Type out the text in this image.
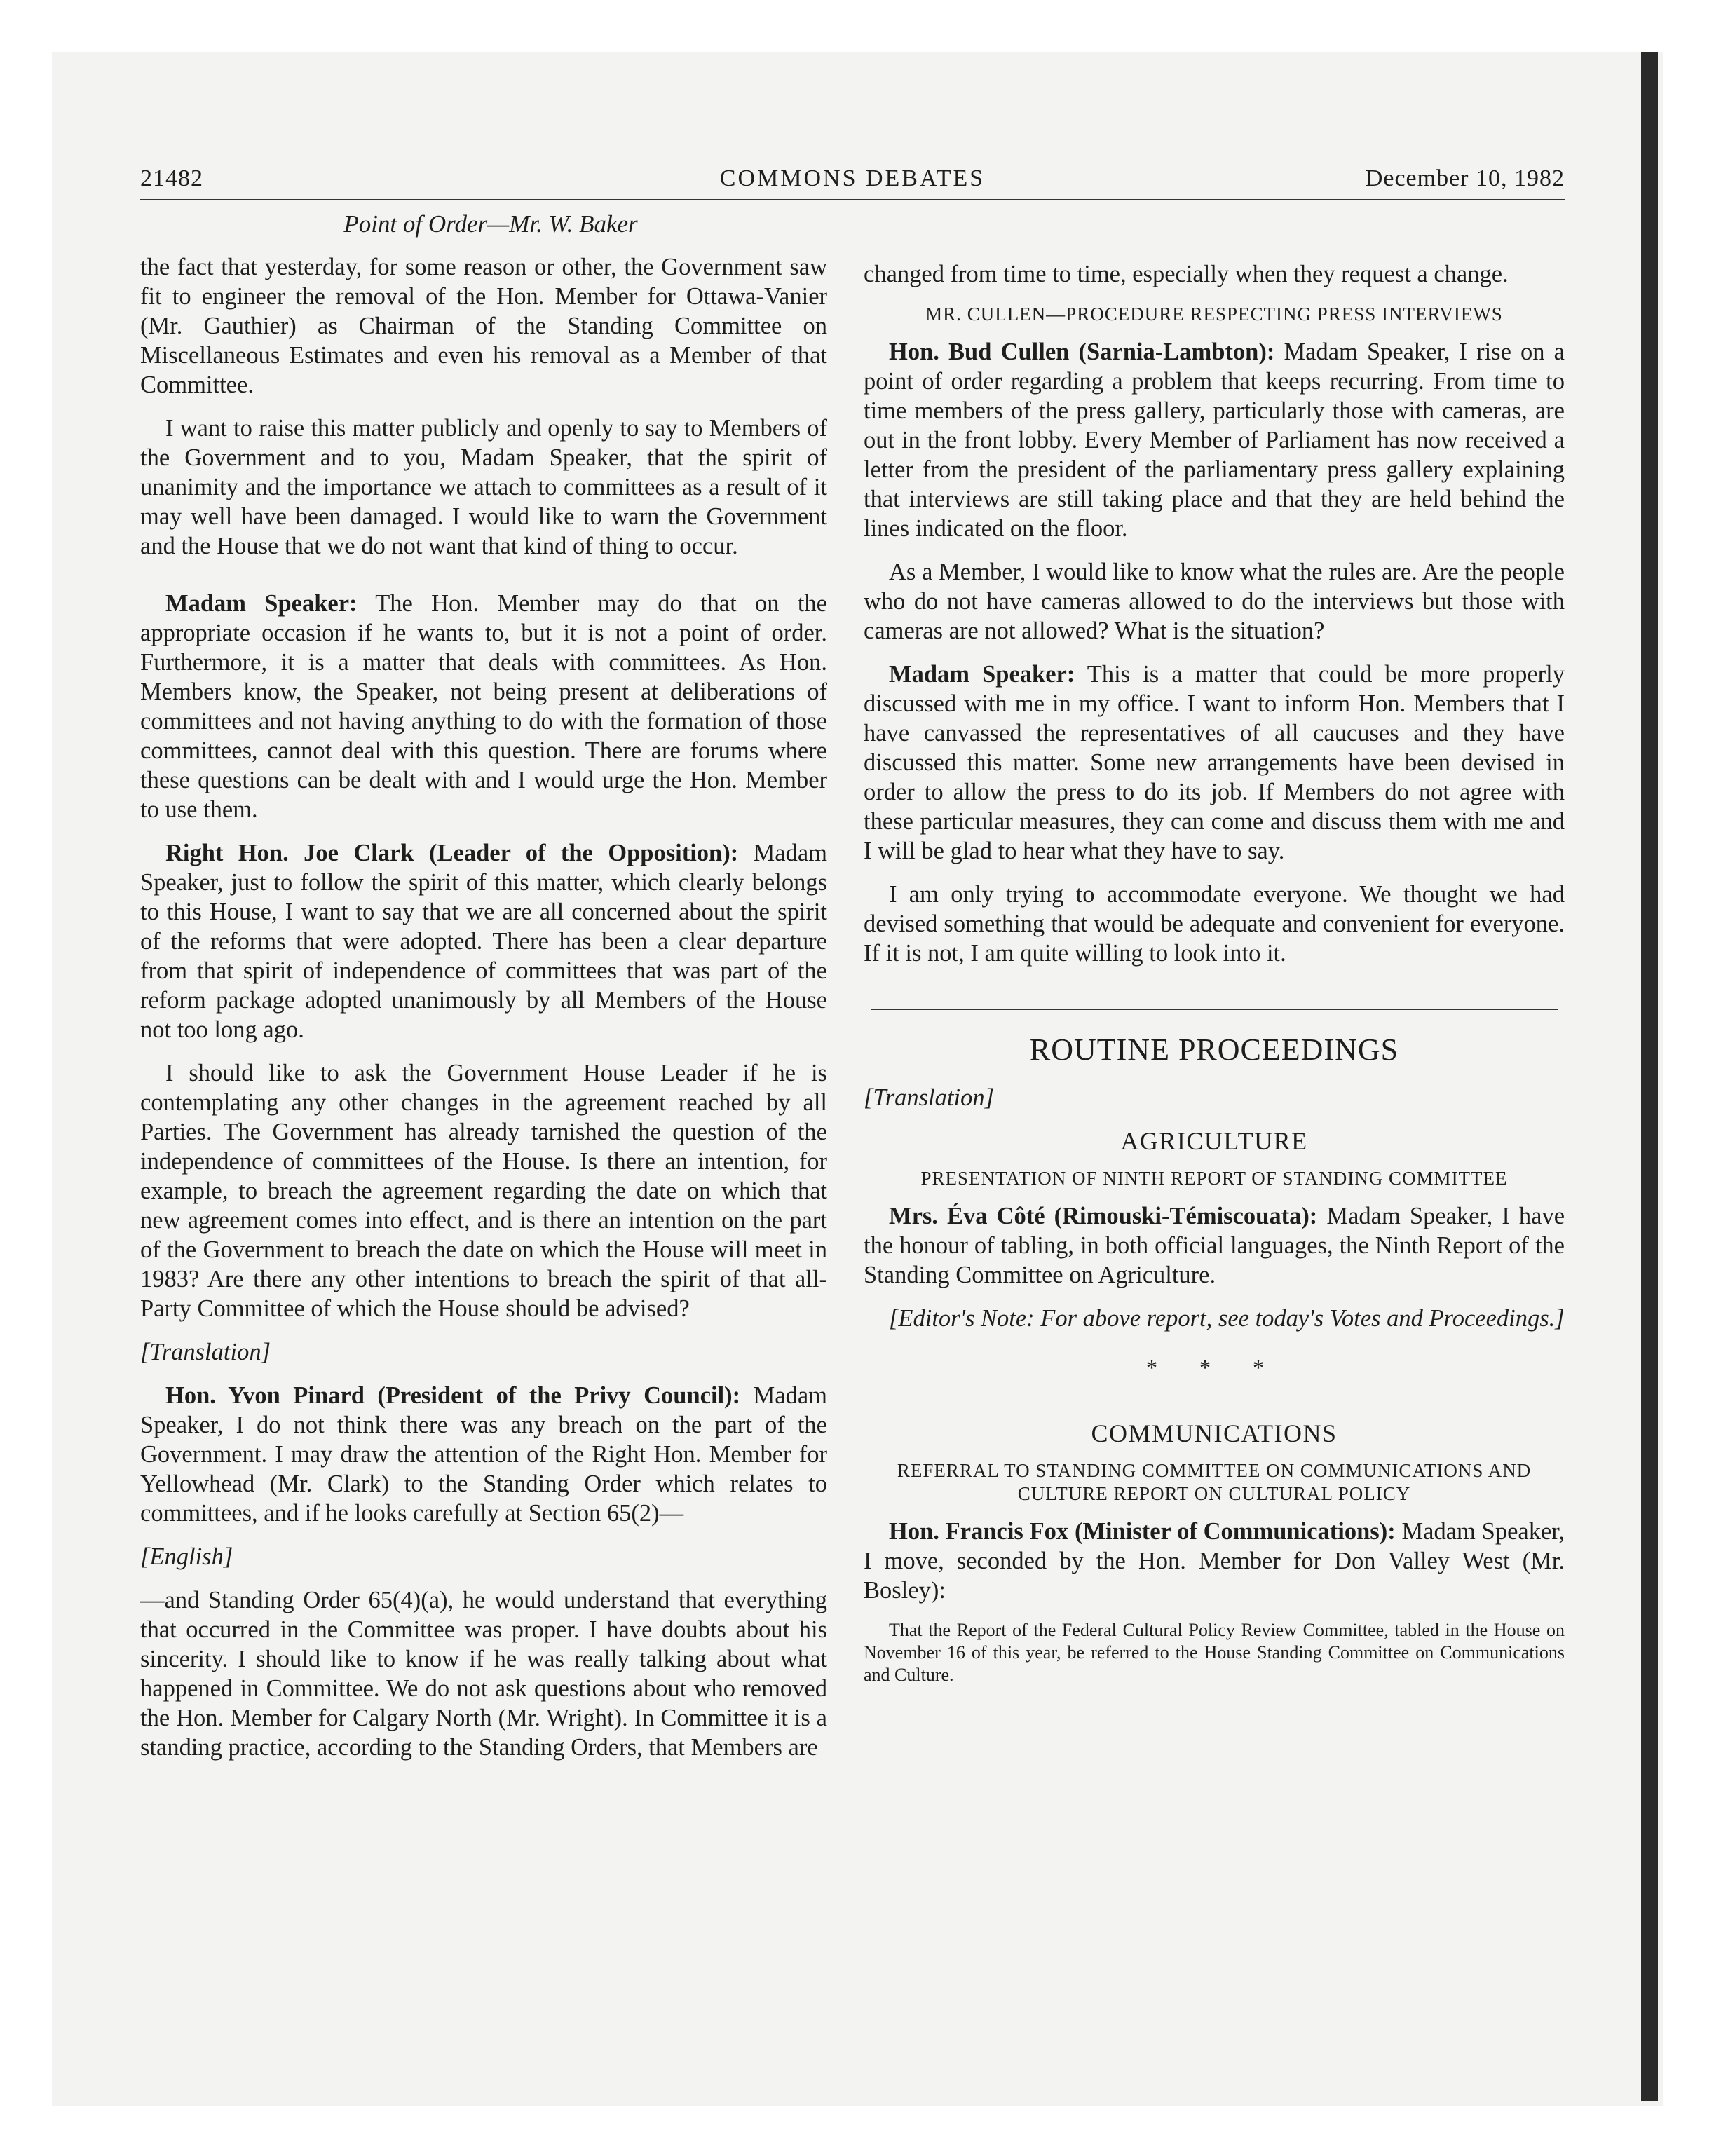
21482	COMMONS DEBATES	December 10, 1982
Point of Order—Mr. W. Baker

the fact that yesterday, for some reason or other, the Government saw fit to engineer the removal of the Hon. Member for Ottawa-Vanier (Mr. Gauthier) as Chairman of the Standing Committee on Miscellaneous Estimates and even his removal as a Member of that Committee.

I want to raise this matter publicly and openly to say to Members of the Government and to you, Madam Speaker, that the spirit of unanimity and the importance we attach to committees as a result of it may well have been damaged. I would like to warn the Government and the House that we do not want that kind of thing to occur.

Madam Speaker: The Hon. Member may do that on the appropriate occasion if he wants to, but it is not a point of order. Furthermore, it is a matter that deals with committees. As Hon. Members know, the Speaker, not being present at deliberations of committees and not having anything to do with the formation of those committees, cannot deal with this question. There are forums where these questions can be dealt with and I would urge the Hon. Member to use them.

Right Hon. Joe Clark (Leader of the Opposition): Madam Speaker, just to follow the spirit of this matter, which clearly belongs to this House, I want to say that we are all concerned about the spirit of the reforms that were adopted. There has been a clear departure from that spirit of independence of committees that was part of the reform package adopted unanimously by all Members of the House not too long ago.

I should like to ask the Government House Leader if he is contemplating any other changes in the agreement reached by all Parties. The Government has already tarnished the question of the independence of committees of the House. Is there an intention, for example, to breach the agreement regarding the date on which that new agreement comes into effect, and is there an intention on the part of the Government to breach the date on which the House will meet in 1983? Are there any other intentions to breach the spirit of that all-Party Committee of which the House should be advised?

[Translation]

Hon. Yvon Pinard (President of the Privy Council): Madam Speaker, I do not think there was any breach on the part of the Government. I may draw the attention of the Right Hon. Member for Yellowhead (Mr. Clark) to the Standing Order which relates to committees, and if he looks carefully at Section 65(2)—

[English]

—and Standing Order 65(4)(a), he would understand that everything that occurred in the Committee was proper. I have doubts about his sincerity. I should like to know if he was really talking about what happened in Committee. We do not ask questions about who removed the Hon. Member for Calgary North (Mr. Wright). In Committee it is a standing practice, according to the Standing Orders, that Members are

changed from time to time, especially when they request a change.

MR. CULLEN—PROCEDURE RESPECTING PRESS INTERVIEWS

Hon. Bud Cullen (Sarnia-Lambton): Madam Speaker, I rise on a point of order regarding a problem that keeps recurring. From time to time members of the press gallery, particularly those with cameras, are out in the front lobby. Every Member of Parliament has now received a letter from the president of the parliamentary press gallery explaining that interviews are still taking place and that they are held behind the lines indicated on the floor.

As a Member, I would like to know what the rules are. Are the people who do not have cameras allowed to do the interviews but those with cameras are not allowed? What is the situation?

Madam Speaker: This is a matter that could be more properly discussed with me in my office. I want to inform Hon. Members that I have canvassed the representatives of all caucuses and they have discussed this matter. Some new arrangements have been devised in order to allow the press to do its job. If Members do not agree with these particular measures, they can come and discuss them with me and I will be glad to hear what they have to say.

I am only trying to accommodate everyone. We thought we had devised something that would be adequate and convenient for everyone. If it is not, I am quite willing to look into it.

ROUTINE PROCEEDINGS
[Translation]
AGRICULTURE
PRESENTATION OF NINTH REPORT OF STANDING COMMITTEE

Mrs. Éva Côté (Rimouski-Témiscouata): Madam Speaker, I have the honour of tabling, in both official languages, the Ninth Report of the Standing Committee on Agriculture.

[Editor's Note: For above report, see today's Votes and Proceedings.]

* * *
COMMUNICATIONS
REFERRAL TO STANDING COMMITTEE ON COMMUNICATIONS AND CULTURE REPORT ON CULTURAL POLICY

Hon. Francis Fox (Minister of Communications): Madam Speaker, I move, seconded by the Hon. Member for Don Valley West (Mr. Bosley):

That the Report of the Federal Cultural Policy Review Committee, tabled in the House on November 16 of this year, be referred to the House Standing Committee on Communications and Culture.
